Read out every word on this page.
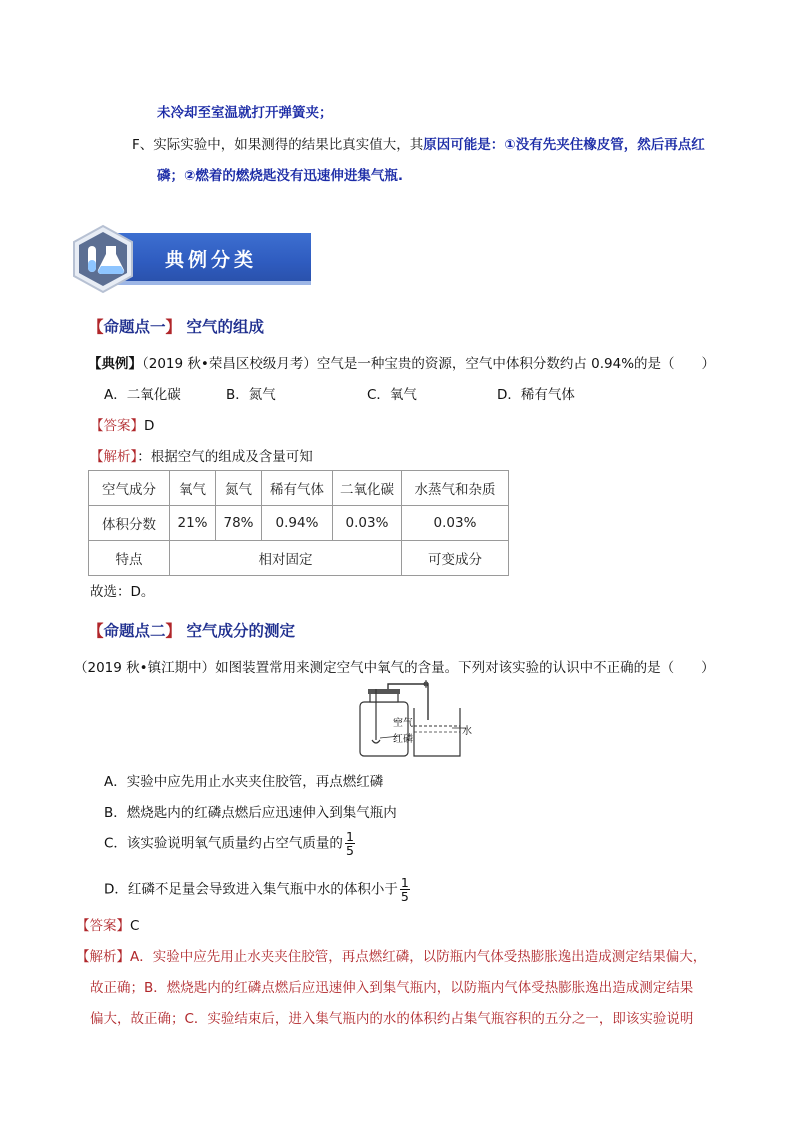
未冷却至室温就打开弹簧夹；
F、实际实验中，如果测得的结果比真实值大，其原因可能是：①没有先夹住橡皮管，然后再点红
磷；②燃着的燃烧匙没有迅速伸进集气瓶.
典例分类
【命题点一】 空气的组成
【典例】（2019 秋•荣昌区校级月考）空气是一种宝贵的资源，空气中体积分数约占 0.94%的是（　　）
A．二氧化碳	B．氮气	C．氧气	D．稀有气体
【答案】D
【解析】：根据空气的组成及含量可知
空气成分	氧气	氮气	稀有气体	二氧化碳	水蒸气和杂质
体积分数	21%	78%	0.94%	0.03%	0.03%
特点	相对固定				可变成分
故选：D。
【命题点二】 空气成分的测定
（2019 秋•镇江期中）如图装置常用来测定空气中氧气的含量。下列对该实验的认识中不正确的是（　　）
空气
红磷
水
A．实验中应先用止水夹夹住胶管，再点燃红磷
B．燃烧匙内的红磷点燃后应迅速伸入到集气瓶内
C．该实验说明氧气质量约占空气质量的 $\frac{1}{5}$
D．红磷不足量会导致进入集气瓶中水的体积小于 $\frac{1}{5}$
【答案】C
【解析】A．实验中应先用止水夹夹住胶管，再点燃红磷，以防瓶内气体受热膨胀逸出造成测定结果偏大，
故正确；B．燃烧匙内的红磷点燃后应迅速伸入到集气瓶内，以防瓶内气体受热膨胀逸出造成测定结果
偏大，故正确；C．实验结束后，进入集气瓶内的水的体积约占集气瓶容积的五分之一，即该实验说明
